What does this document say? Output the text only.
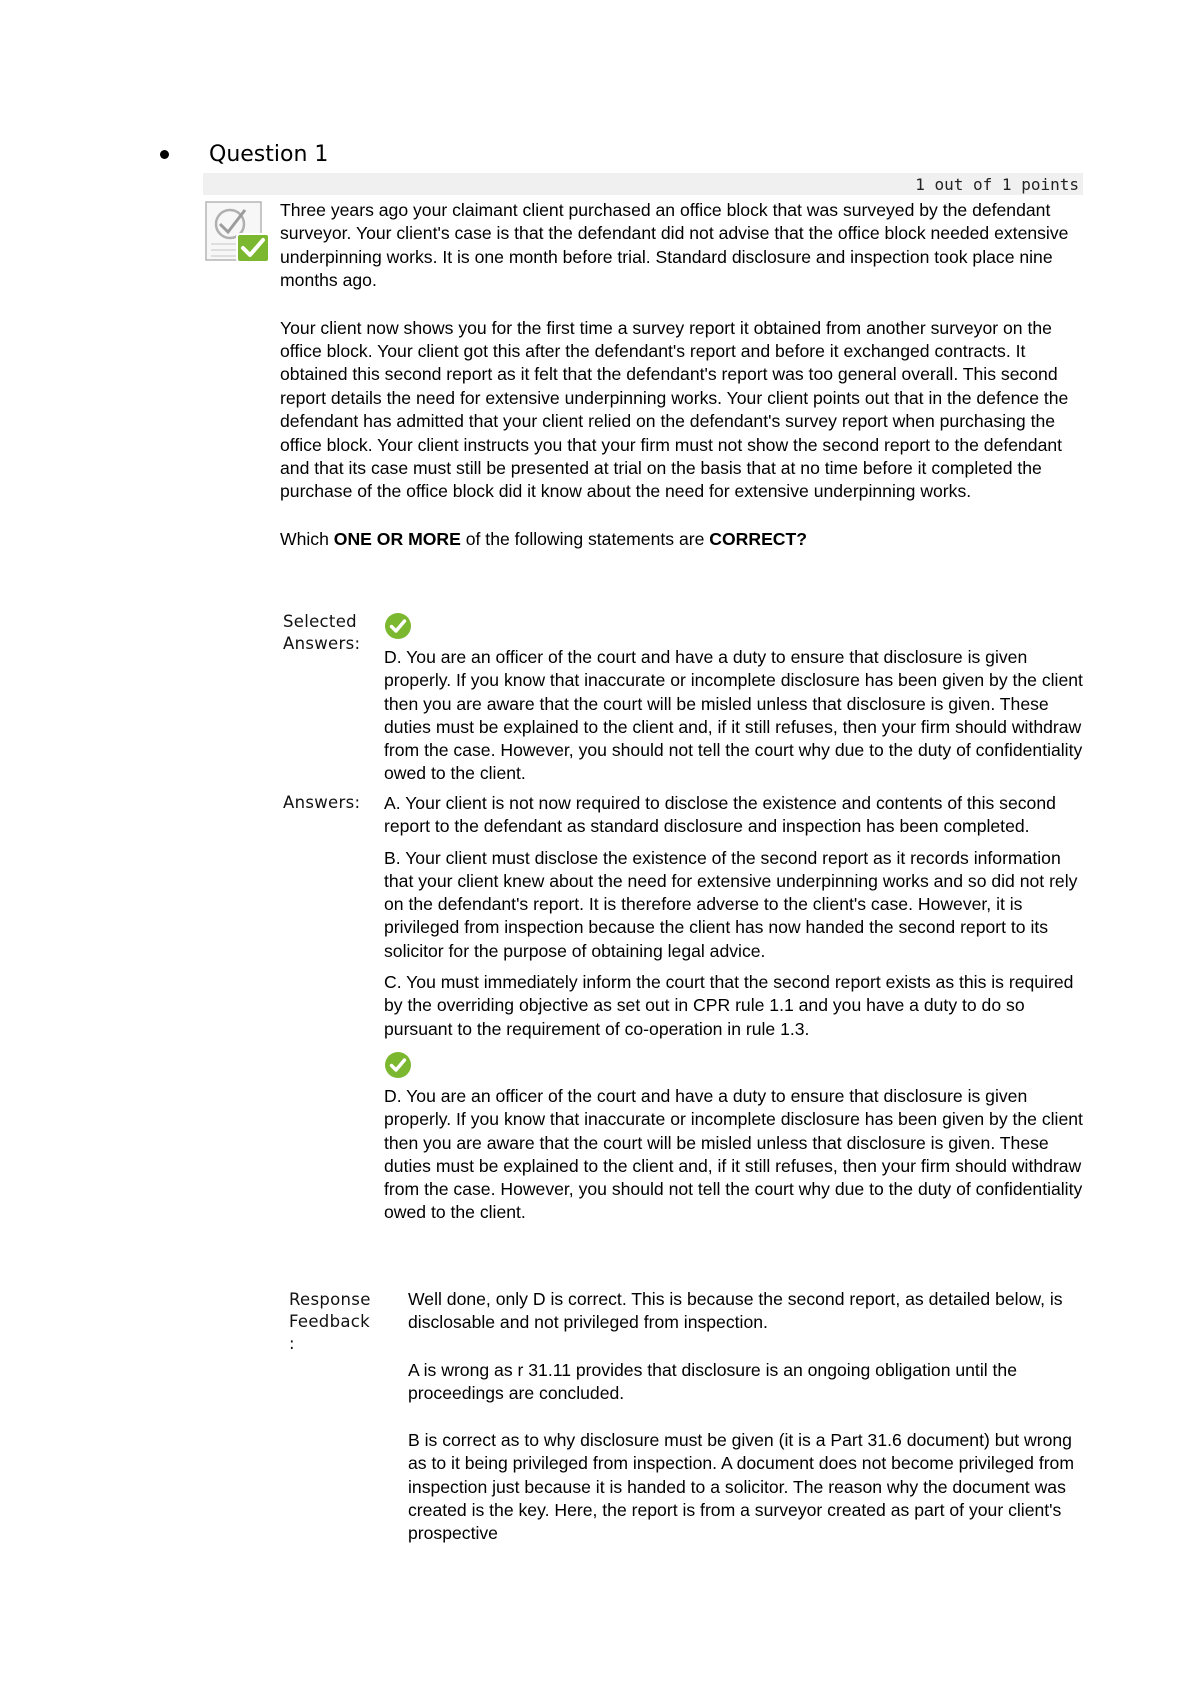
Question 1
1 out of 1 points

Three years ago your claimant client purchased an office block that was surveyed by the defendant surveyor. Your client's case is that the defendant did not advise that the office block needed extensive underpinning works. It is one month before trial. Standard disclosure and inspection took place nine months ago.

Your client now shows you for the first time a survey report it obtained from another surveyor on the office block. Your client got this after the defendant's report and before it exchanged contracts. It obtained this second report as it felt that the defendant's report was too general overall. This second report details the need for extensive underpinning works. Your client points out that in the defence the defendant has admitted that your client relied on the defendant's survey report when purchasing the office block. Your client instructs you that your firm must not show the second report to the defendant and that its case must still be presented at trial on the basis that at no time before it completed the purchase of the office block did it know about the need for extensive underpinning works.

Which ONE OR MORE of the following statements are CORRECT?

Selected
Answers:

D. You are an officer of the court and have a duty to ensure that disclosure is given properly. If you know that inaccurate or incomplete disclosure has been given by the client then you are aware that the court will be misled unless that disclosure is given. These duties must be explained to the client and, if it still refuses, then your firm should withdraw from the case. However, you should not tell the court why due to the duty of confidentiality owed to the client.

Answers: A. Your client is not now required to disclose the existence and contents of this second report to the defendant as standard disclosure and inspection has been completed.

B. Your client must disclose the existence of the second report as it records information that your client knew about the need for extensive underpinning works and so did not rely on the defendant's report. It is therefore adverse to the client's case. However, it is privileged from inspection because the client has now handed the second report to its solicitor for the purpose of obtaining legal advice.

C. You must immediately inform the court that the second report exists as this is required by the overriding objective as set out in CPR rule 1.1 and you have a duty to do so pursuant to the requirement of co-operation in rule 1.3.

D. You are an officer of the court and have a duty to ensure that disclosure is given properly. If you know that inaccurate or incomplete disclosure has been given by the client then you are aware that the court will be misled unless that disclosure is given. These duties must be explained to the client and, if it still refuses, then your firm should withdraw from the case. However, you should not tell the court why due to the duty of confidentiality owed to the client.

Response
Feedback
:

Well done, only D is correct. This is because the second report, as detailed below, is disclosable and not privileged from inspection.

A is wrong as r 31.11 provides that disclosure is an ongoing obligation until the proceedings are concluded.

B is correct as to why disclosure must be given (it is a Part 31.6 document) but wrong as to it being privileged from inspection. A document does not become privileged from inspection just because it is handed to a solicitor. The reason why the document was created is the key. Here, the report is from a surveyor created as part of your client's prospective
